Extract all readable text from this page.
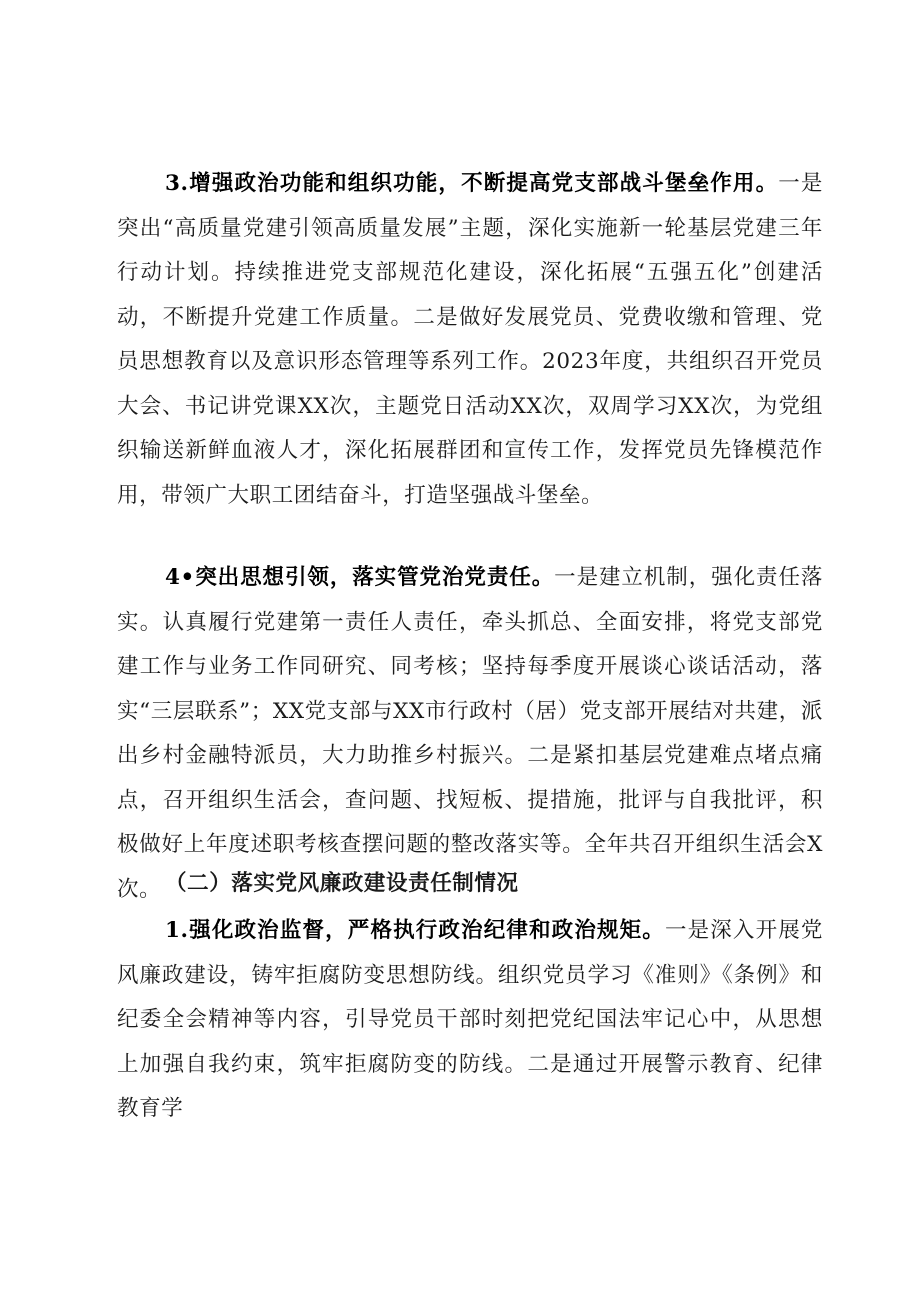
3.增强政治功能和组织功能，不断提高党支部战斗堡垒作用。一是突出“高质量党建引领高质量发展”主题，深化实施新一轮基层党建三年行动计划。持续推进党支部规范化建设，深化拓展“五强五化”创建活动，不断提升党建工作质量。二是做好发展党员、党费收缴和管理、党员思想教育以及意识形态管理等系列工作。2023年度，共组织召开党员大会、书记讲党课XX次，主题党日活动XX次，双周学习XX次，为党组织输送新鲜血液人才，深化拓展群团和宣传工作，发挥党员先锋模范作用，带领广大职工团结奋斗，打造坚强战斗堡垒。

4•突出思想引领，落实管党治党责任。一是建立机制，强化责任落实。认真履行党建第一责任人责任，牵头抓总、全面安排，将党支部党建工作与业务工作同研究、同考核；坚持每季度开展谈心谈话活动，落实“三层联系”；XX党支部与XX市行政村（居）党支部开展结对共建，派出乡村金融特派员，大力助推乡村振兴。二是紧扣基层党建难点堵点痛点，召开组织生活会，查问题、找短板、提措施，批评与自我批评，积极做好上年度述职考核查摆问题的整改落实等。全年共召开组织生活会X次。 （二）落实党风廉政建设责任制情况

1.强化政治监督，严格执行政治纪律和政治规矩。一是深入开展党风廉政建设，铸牢拒腐防变思想防线。组织党员学习《准则》《条例》和纪委全会精神等内容，引导党员干部时刻把党纪国法牢记心中，从思想上加强自我约束，筑牢拒腐防变的防线。二是通过开展警示教育、纪律教育学
